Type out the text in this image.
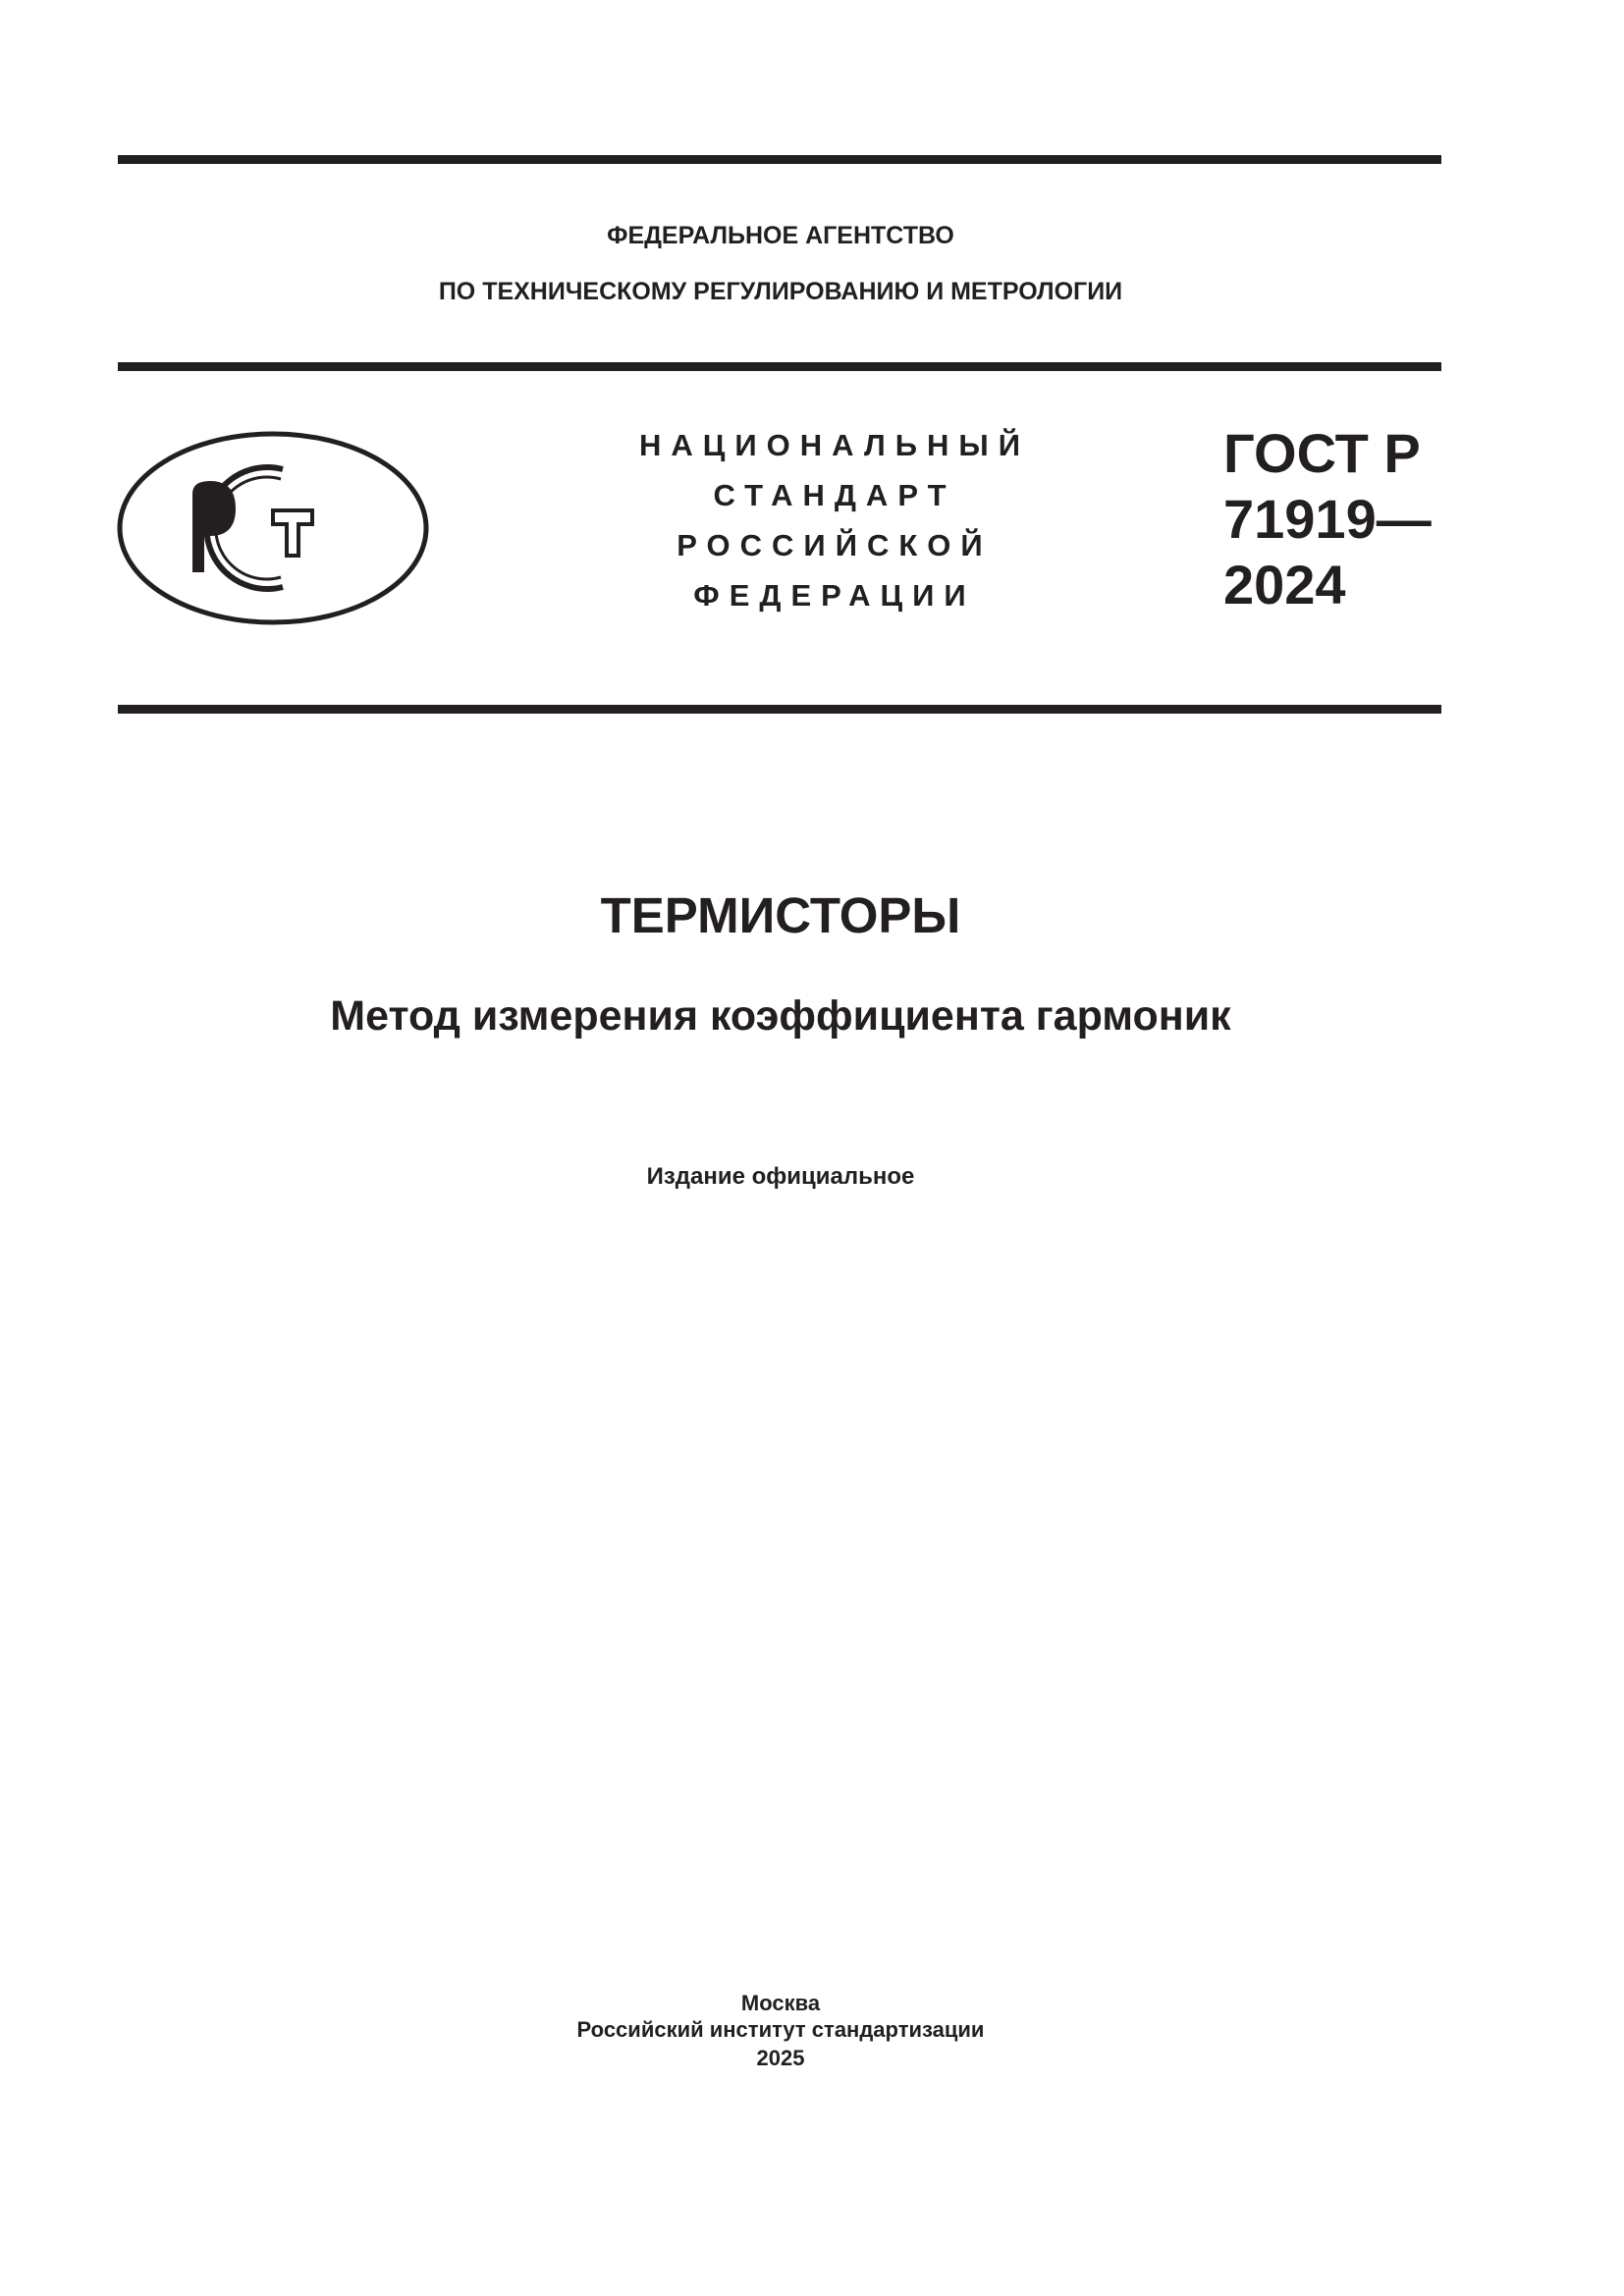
ФЕДЕРАЛЬНОЕ АГЕНТСТВО
ПО ТЕХНИЧЕСКОМУ РЕГУЛИРОВАНИЮ И МЕТРОЛОГИИ
НАЦИОНАЛЬНЫЙ
СТАНДАРТ
РОССИЙСКОЙ
ФЕДЕРАЦИИ
ГОСТ Р
71919—
2024
ТЕРМИСТОРЫ
Метод измерения коэффициента гармоник
Издание официальное
Москва
Российский институт стандартизации
2025
